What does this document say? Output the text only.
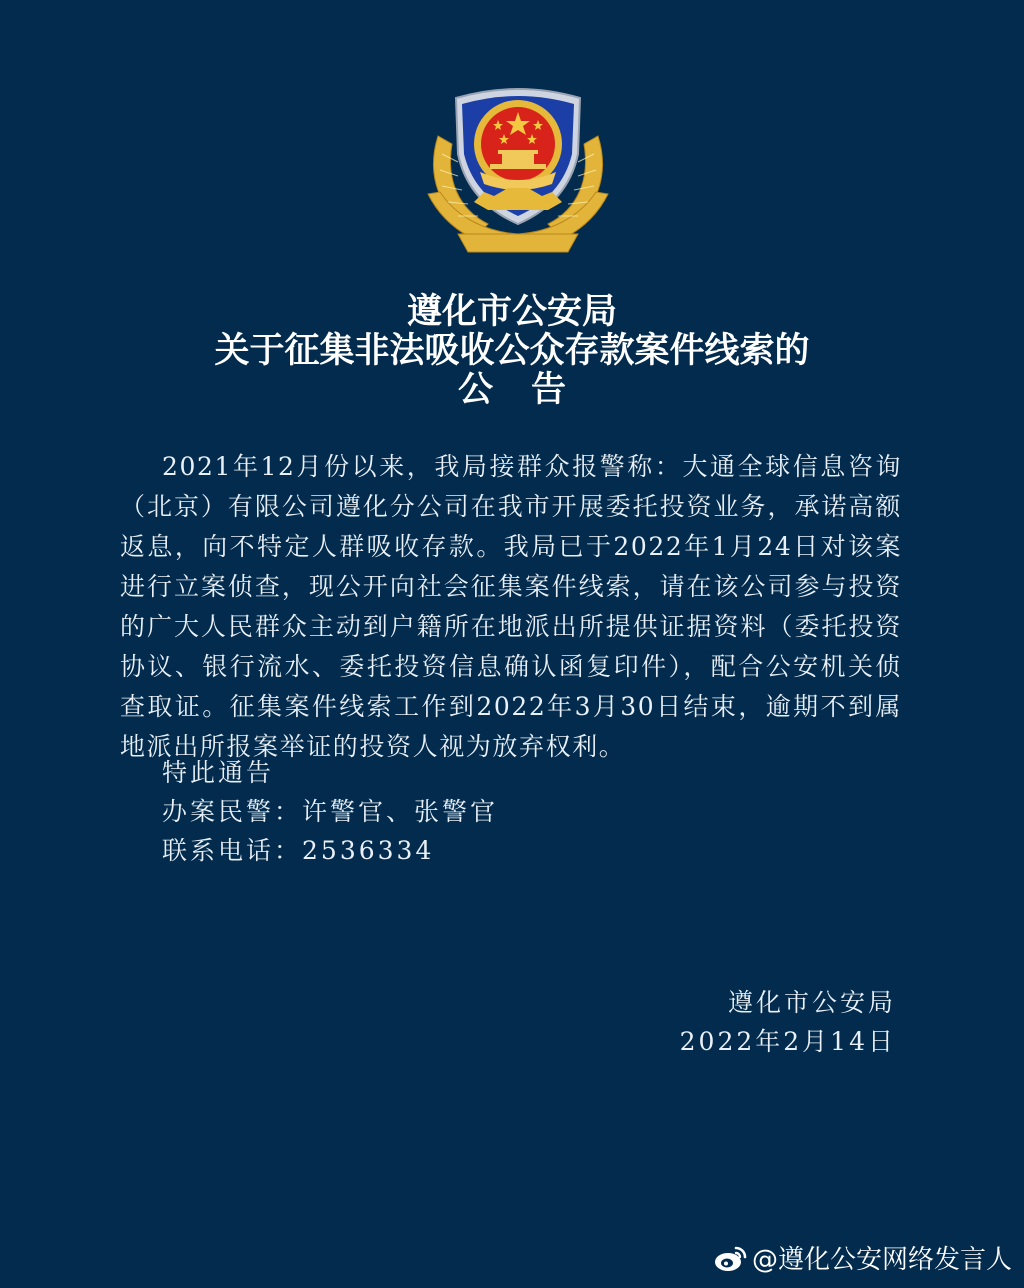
遵化市公安局
关于征集非法吸收公众存款案件线索的
公告

2021年12月份以来，我局接群众报警称：大通全球信息咨询（北京）有限公司遵化分公司在我市开展委托投资业务，承诺高额返息，向不特定人群吸收存款。我局已于2022年1月24日对该案进行立案侦查，现公开向社会征集案件线索，请在该公司参与投资的广大人民群众主动到户籍所在地派出所提供证据资料（委托投资协议、银行流水、委托投资信息确认函复印件），配合公安机关侦查取证。征集案件线索工作到2022年3月30日结束，逾期不到属地派出所报案举证的投资人视为放弃权利。

特此通告
办案民警：许警官、张警官
联系电话：2536334
遵化市公安局
2022年2月14日
@遵化公安网络发言人
